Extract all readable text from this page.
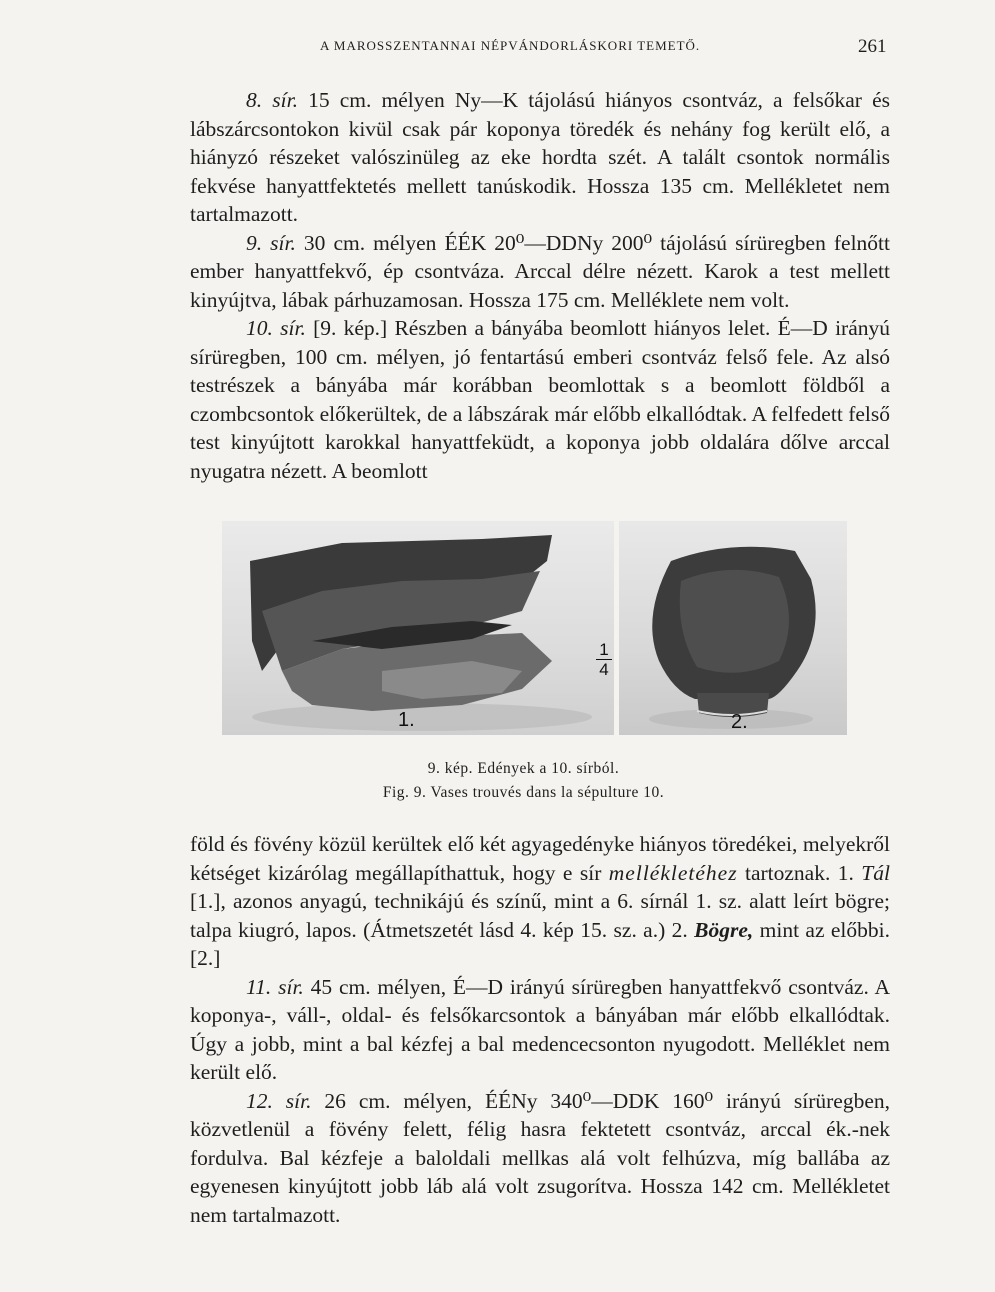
A MAROSSZENTANNAI NÉPVÁNDORLÁSKORI TEMETŐ.	261

8. sír. 15 cm. mélyen Ny—K tájolású hiányos csontváz, a felsőkar és lábszárcsontokon kivül csak pár koponya töredék és nehány fog került elő, a hiányzó részeket valószinüleg az eke hordta szét. A talált csontok normális fekvése hanyattfektetés mellett tanúskodik. Hossza 135 cm. Mellékletet nem tartalmazott.

9. sír. 30 cm. mélyen ÉÉK 20⁰—DDNy 200⁰ tájolású sírüregben felnőtt ember hanyattfekvő, ép csontváza. Arccal délre nézett. Karok a test mellett kinyújtva, lábak párhuzamosan. Hossza 175 cm. Melléklete nem volt.

10. sír. [9. kép.] Részben a bányába beomlott hiányos lelet. É—D irányú sírüregben, 100 cm. mélyen, jó fentartású emberi csontváz felső fele. Az alsó testrészek a bányába már korábban beomlottak s a beomlott földből a czombcsontok előkerültek, de a lábszárak már előbb elkallódtak. A felfedett felső test kinyújtott karokkal hanyattfeküdt, a koponya jobb oldalára dőlve arccal nyugatra nézett. A beomlott

1.
1
4
2.
9. kép. Edények a 10. sírból.
Fig. 9. Vases trouvés dans la sépulture 10.

föld és fövény közül kerültek elő két agyagedényke hiányos töredékei, melyekről kétséget kizárólag megállapíthattuk, hogy e sír mellékletéhez tartoznak. 1. Tál [1.], azonos anyagú, technikájú és színű, mint a 6. sírnál 1. sz. alatt leírt bögre; talpa kiugró, lapos. (Átmetszetét lásd 4. kép 15. sz. a.) 2. Bögre, mint az előbbi. [2.]

11. sír. 45 cm. mélyen, É—D irányú sírüregben hanyattfekvő csontváz. A koponya-, váll-, oldal- és felsőkarcsontok a bányában már előbb elkallódtak. Úgy a jobb, mint a bal kézfej a bal medencecsonton nyugodott. Melléklet nem került elő.

12. sír. 26 cm. mélyen, ÉÉNy 340⁰—DDK 160⁰ irányú sírüregben, közvetlenül a fövény felett, félig hasra fektetett csontváz, arccal ék.-nek fordulva. Bal kézfeje a baloldali mellkas alá volt felhúzva, míg ballába az egyenesen kinyújtott jobb láb alá volt zsugorítva. Hossza 142 cm. Mellékletet nem tartalmazott.
